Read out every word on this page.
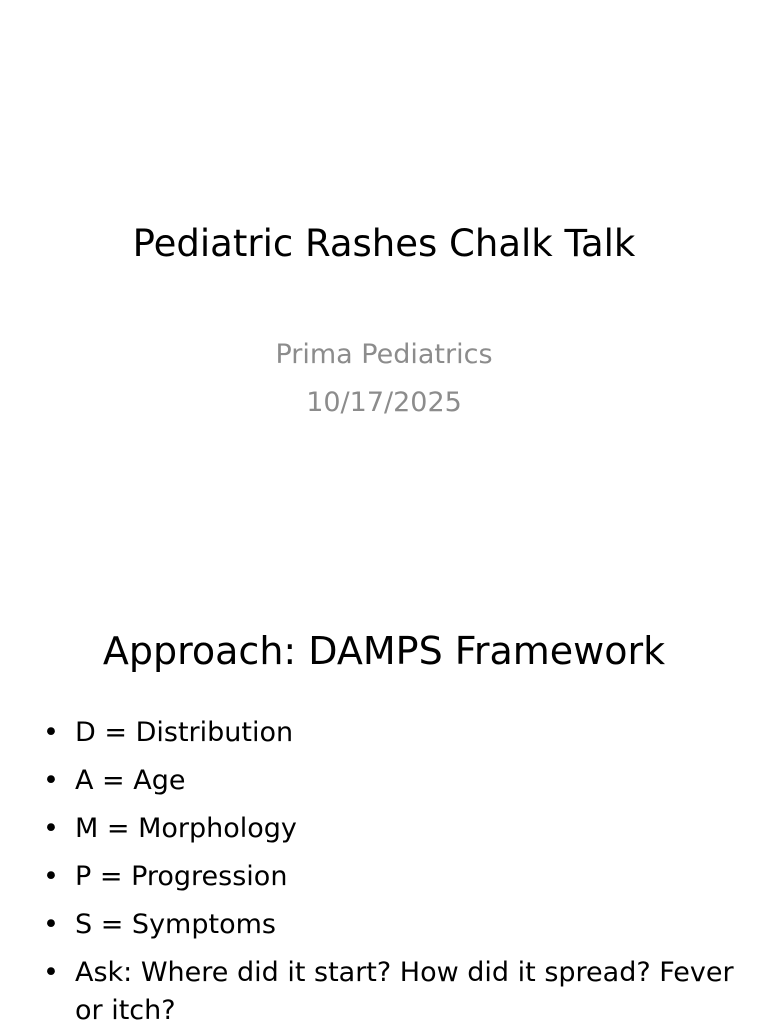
Pediatric Rashes Chalk Talk
Prima Pediatrics
10/17/2025
Approach: DAMPS Framework
• D = Distribution
• A = Age
• M = Morphology
• P = Progression
• S = Symptoms
• Ask: Where did it start? How did it spread? Fever or itch?
